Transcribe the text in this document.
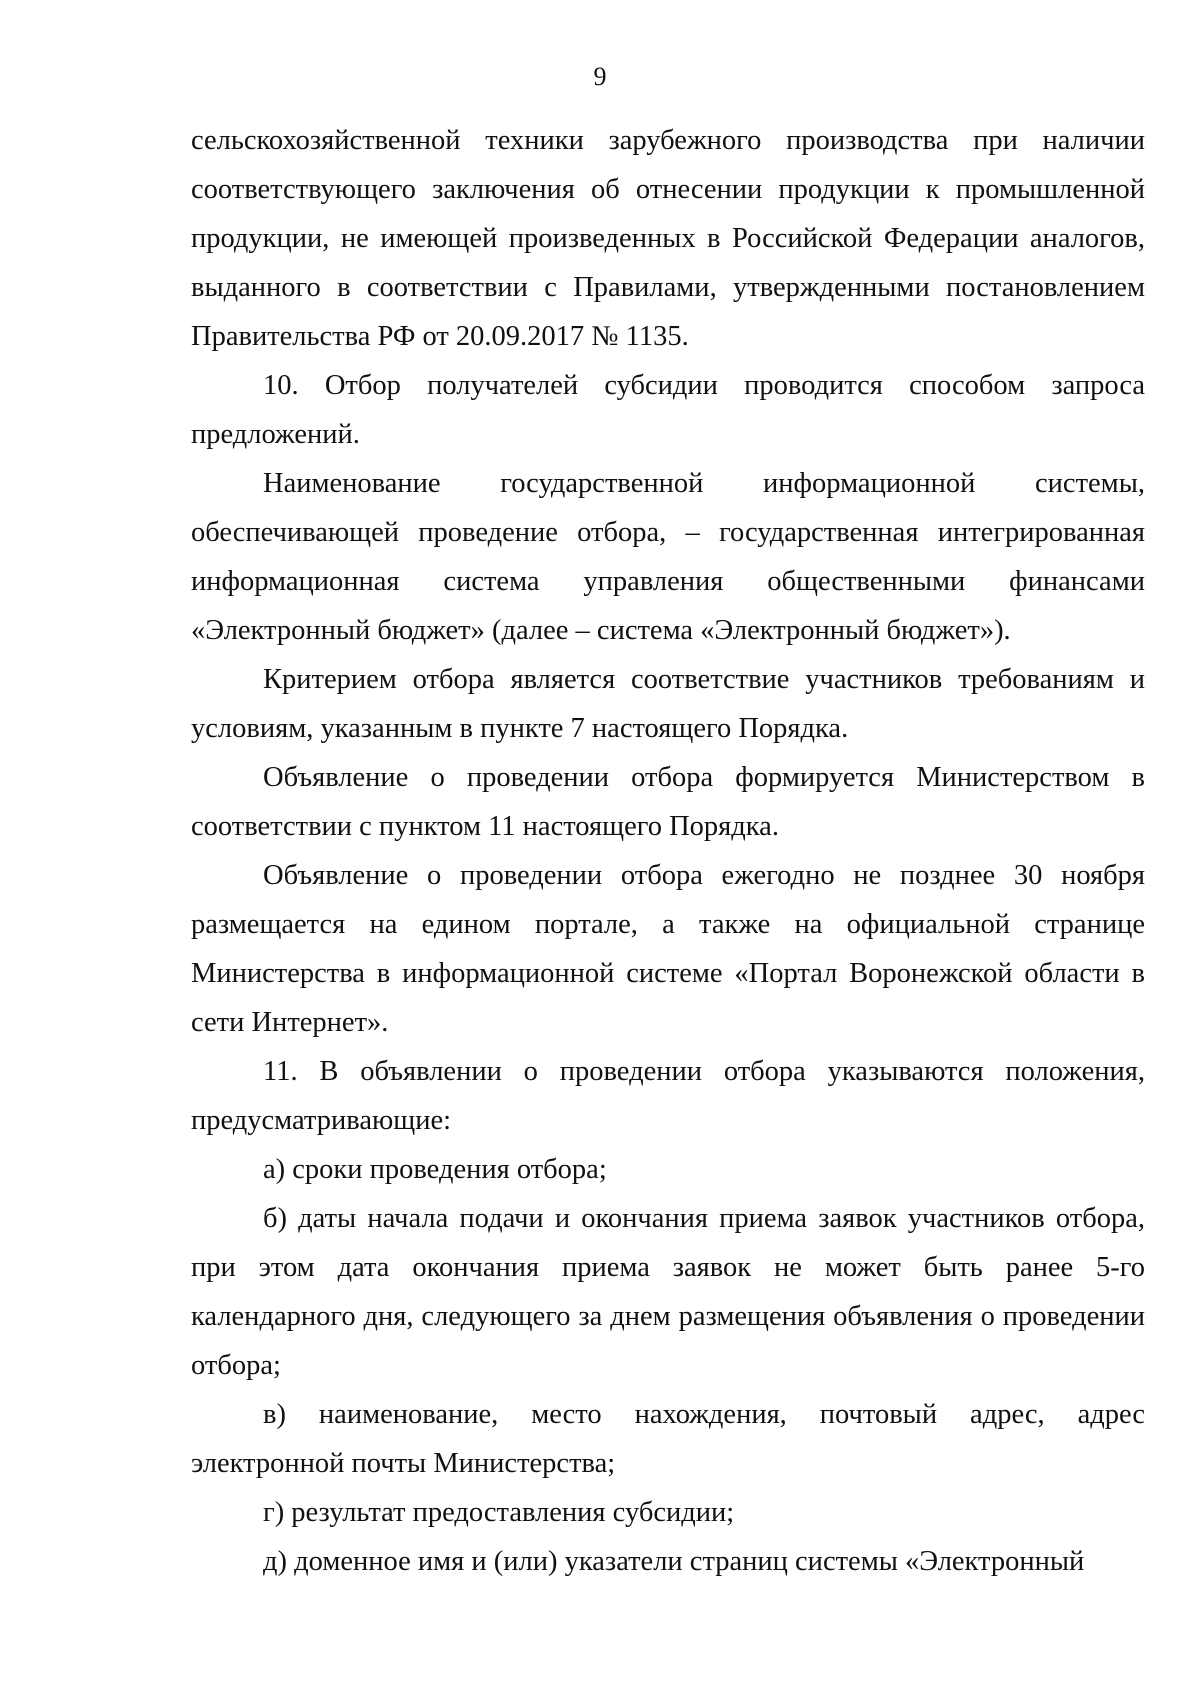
9

сельскохозяйственной техники зарубежного производства при наличии соответствующего заключения об отнесении продукции к промышленной продукции, не имеющей произведенных в Российской Федерации аналогов, выданного в соответствии с Правилами, утвержденными постановлением Правительства РФ от 20.09.2017 № 1135.

10. Отбор получателей субсидии проводится способом запроса предложений.

Наименование государственной информационной системы, обеспечивающей проведение отбора, – государственная интегрированная информационная система управления общественными финансами «Электронный бюджет» (далее – система «Электронный бюджет»).

Критерием отбора является соответствие участников требованиям и условиям, указанным в пункте 7 настоящего Порядка.

Объявление о проведении отбора формируется Министерством в соответствии с пунктом 11 настоящего Порядка.

Объявление о проведении отбора ежегодно не позднее 30 ноября размещается на едином портале, а также на официальной странице Министерства в информационной системе «Портал Воронежской области в сети Интернет».

11. В объявлении о проведении отбора указываются положения, предусматривающие:

а) сроки проведения отбора;

б) даты начала подачи и окончания приема заявок участников отбора, при этом дата окончания приема заявок не может быть ранее 5-го календарного дня, следующего за днем размещения объявления о проведении отбора;

в) наименование, место нахождения, почтовый адрес, адрес электронной почты Министерства;

г) результат предоставления субсидии;

д) доменное имя и (или) указатели страниц системы «Электронный
